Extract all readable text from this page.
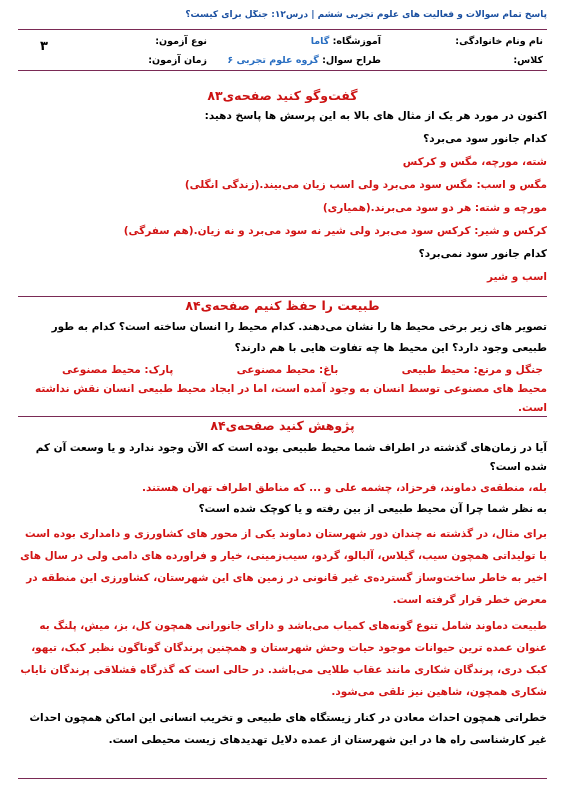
پاسخ تمام سوالات و فعالیت های علوم تجربی ششم | درس۱۲: جنگل برای کیست؟
نام ونام خانوادگی:
آموزشگاه: گاما
نوع آزمون:
۳
کلاس:
طراح سوال: گروه علوم تجربی ۶
زمان آزمون:

گفت‌وگو کنید صفحه‌ی۸۳

اکنون در مورد هر یک از مثال های بالا به این پرسش ها پاسخ دهید:

کدام جانور سود می‌برد؟

شته، مورچه، مگس و کرکس

مگس و اسب: مگس سود می‌برد ولی اسب زیان می‌بیند.(زندگی انگلی)

مورچه و شته: هر دو سود می‌برند.(همیاری)

کرکس و شیر: کرکس سود می‌برد ولی شیر نه سود می‌برد و نه زیان.(هم سفرگی)

کدام جانور سود نمی‌برد؟

اسب و شیر

طبیعت را حفظ کنیم صفحه‌ی۸۴

تصویر های زیر برخی محیط ها را نشان می‌دهند. کدام محیط را انسان ساخته است؟ کدام به طور طبیعی وجود دارد؟ این محیط ها چه تفاوت هایی با هم دارند؟

جنگل و مرتع: محیط طبیعی
باغ: محیط مصنوعی
پارک: محیط مصنوعی

محیط های مصنوعی توسط انسان به وجود آمده است، اما در ایجاد محیط طبیعی انسان نقش نداشته است.

پژوهش کنید صفحه‌ی۸۴

آیا در زمان‌های گذشته در اطراف شما محیط طبیعی بوده است که الآن وجود ندارد و یا وسعت آن کم شده است؟

بله، منطقه‌ی دماوند، فرحزاد، چشمه علی و ... که مناطق اطراف تهران هستند.

به نظر شما چرا آن محیط طبیعی از بین رفته و یا کوچک شده است؟

برای مثال، در گذشته نه چندان دور شهرستان دماوند یکی از محور های کشاورزی و دامداری بوده است با تولیداتی همچون سیب، گیلاس، آلبالو، گردو، سیب‌زمینی، خیار و فراورده های دامی ولی در سال های اخیر به خاطر ساخت‌وساز گسترده‌ی غیر قانونی در زمین های این شهرستان، کشاورزی این منطقه در معرض خطر قرار گرفته است.

طبیعت دماوند شامل تنوع گونه‌های کمیاب می‌باشد و دارای جانورانی همچون کل، بز، میش، پلنگ به عنوان عمده ترین حیوانات موجود حیات وحش شهرستان و همچنین پرندگان گوناگون نظیر کبک، تیهو، کبک دری، پرندگان شکاری مانند عقاب طلایی می‌باشد. در حالی است که گذرگاه قشلاقی پرندگان نایاب شکاری همچون، شاهین نیز تلقی می‌شود.

خطراتی همچون احداث معادن در کنار زیستگاه های طبیعی و تخریب انسانی این اماکن همچون احداث غیر کارشناسی راه ها در این شهرستان از عمده دلایل تهدیدهای زیست محیطی است.
